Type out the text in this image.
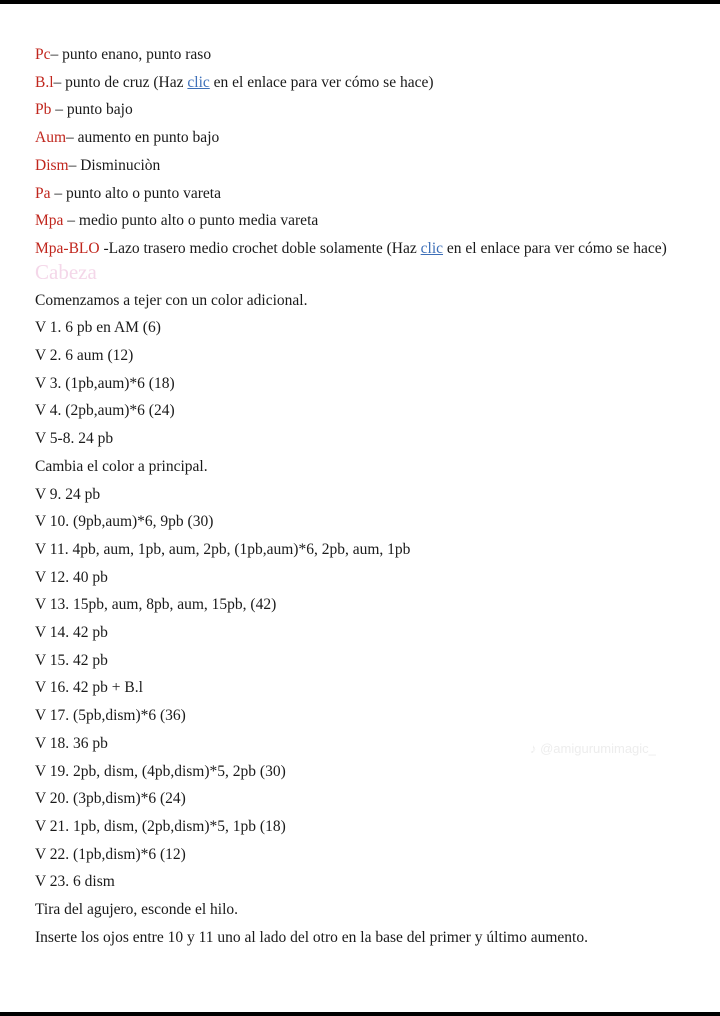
Pc– punto enano, punto raso
B.l– punto de cruz (Haz clic en el enlace para ver cómo se hace)
Pb – punto bajo
Aum– aumento en punto bajo
Dism– Disminuciòn
Pa – punto alto o punto vareta
Mpa – medio punto alto o punto media vareta
Mpa-BLO -Lazo trasero medio crochet doble solamente (Haz clic en el enlace para ver cómo se hace)
Cabeza
Comenzamos a tejer con un color adicional.
V 1. 6 pb en AM (6)
V 2. 6 aum (12)
V 3. (1pb,aum)*6 (18)
V 4. (2pb,aum)*6 (24)
V 5-8. 24 pb
Cambia el color a principal.
V 9. 24 pb
V 10. (9pb,aum)*6, 9pb (30)
V 11. 4pb, aum, 1pb, aum, 2pb, (1pb,aum)*6, 2pb, aum, 1pb
V 12. 40 pb
V 13. 15pb, aum, 8pb, aum, 15pb, (42)
V 14. 42 pb
V 15. 42 pb
V 16. 42 pb + B.l
V 17. (5pb,dism)*6 (36)
V 18. 36 pb
V 19. 2pb, dism, (4pb,dism)*5, 2pb (30)
V 20. (3pb,dism)*6 (24)
V 21. 1pb, dism, (2pb,dism)*5, 1pb (18)
V 22. (1pb,dism)*6 (12)
V 23. 6 dism
Tira del agujero, esconde el hilo.
Inserte los ojos entre 10 y 11 uno al lado del otro en la base del primer y último aumento.
♪ @amigurumimagic_
